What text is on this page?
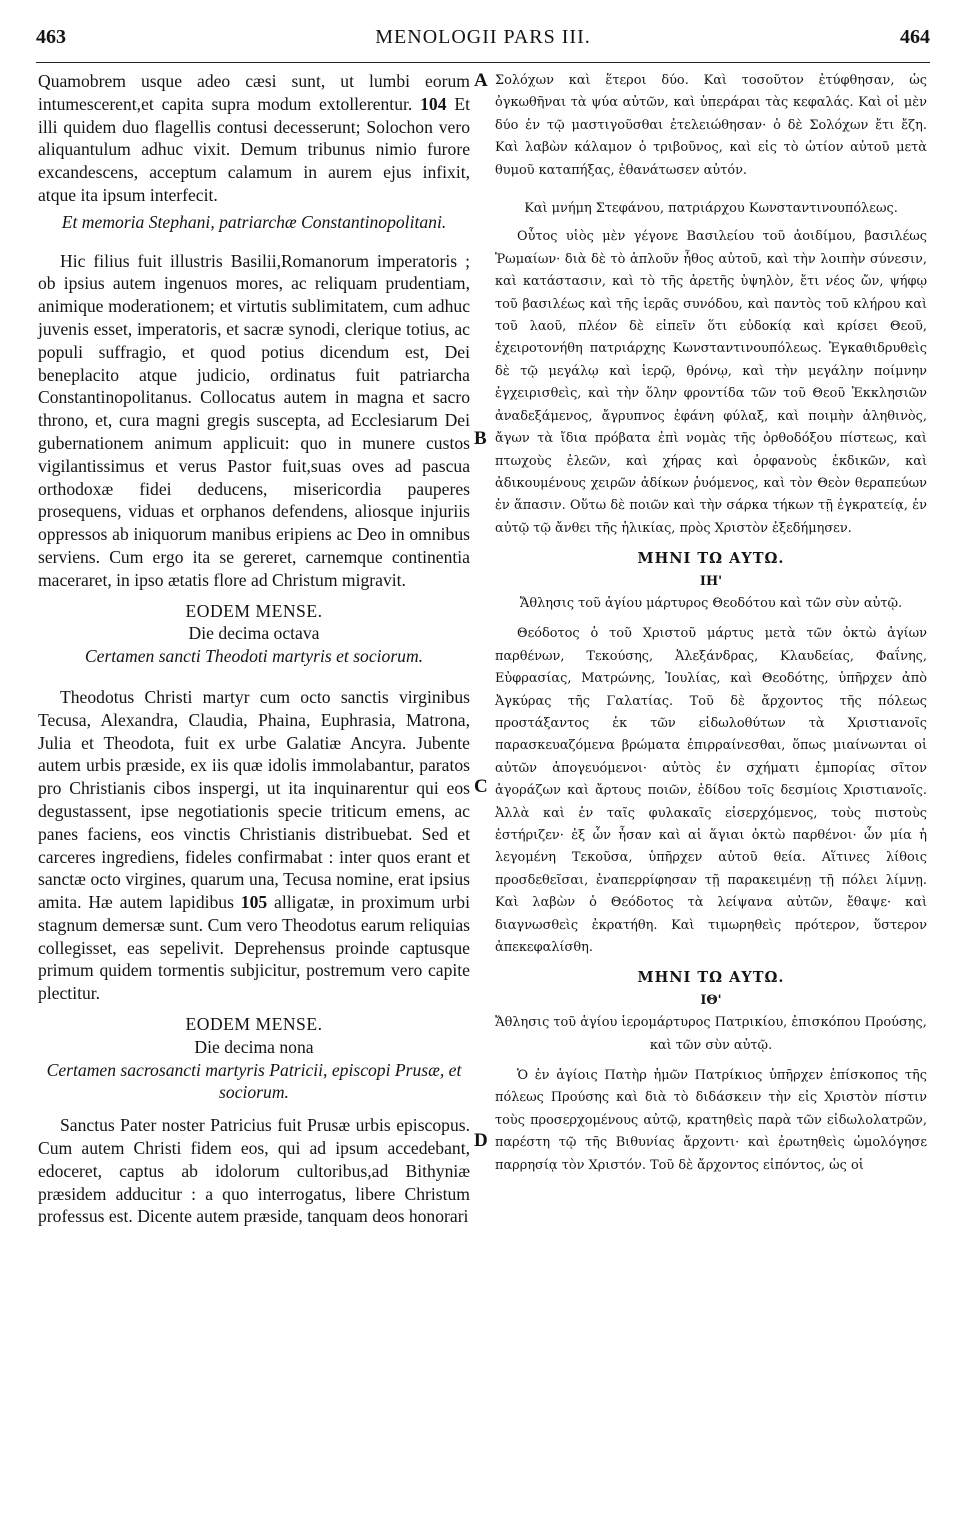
463	MENOLOGII PARS III.	464

Quamobrem usque adeo cæsi sunt, ut lumbi eorum intumescerent,et capita supra modum extollerentur. 104 Et illi quidem duo flagellis contusi decesserunt; Solochon vero aliquantulum adhuc vixit. Demum tribunus nimio furore excandescens, acceptum calamum in aurem ejus infixit, atque ita ipsum interfecit.

Et memoria Stephani, patriarchæ Constantinopolitani.

Hic filius fuit illustris Basilii,Romanorum imperatoris ; ob ipsius autem ingenuos mores, ac reliquam prudentiam, animique moderationem; et virtutis sublimitatem, cum adhuc juvenis esset, imperatoris, et sacræ synodi, clerique totius, ac populi suffragio, et quod potius dicendum est, Dei beneplacito atque judicio, ordinatus fuit patriarcha Constantinopolitanus. Collocatus autem in magna et sacro throno, et, cura magni gregis suscepta, ad Ecclesiarum Dei gubernationem animum applicuit: quo in munere custos vigilantissimus et verus Pastor fuit,suas oves ad pascua orthodoxæ fidei deducens, misericordia pauperes prosequens, viduas et orphanos defendens, aliosque injuriis oppressos ab iniquorum manibus eripiens ac Deo in omnibus serviens. Cum ergo ita se gereret, carnemque continentia maceraret, in ipso ætatis flore ad Christum migravit.

EODEM MENSE.

Die decima octava

Certamen sancti Theodoti martyris et sociorum.

Theodotus Christi martyr cum octo sanctis virginibus Tecusa, Alexandra, Claudia, Phaina, Euphrasia, Matrona, Julia et Theodota, fuit ex urbe Galatiæ Ancyra. Jubente autem urbis præside, ex iis quæ idolis immolabantur, paratos pro Christianis cibos inspergi, ut ita inquinarentur qui eos degustassent, ipse negotiationis specie triticum emens, ac panes faciens, eos vinctis Christianis distribuebat. Sed et carceres ingrediens, fideles confirmabat : inter quos erant et sanctæ octo virgines, quarum una, Tecusa nomine, erat ipsius amita. Hæ autem lapidibus 105 alligatæ, in proximum urbi stagnum demersæ sunt. Cum vero Theodotus earum reliquias collegisset, eas sepelivit. Deprehensus proinde captusque primum quidem tormentis subjicitur, postremum vero capite plectitur.

EODEM MENSE.

Die decima nona

Certamen sacrosancti martyris Patricii, episcopi Prusæ, et sociorum.

Sanctus Pater noster Patricius fuit Prusæ urbis episcopus. Cum autem Christi fidem eos, qui ad ipsum accedebant, edoceret, captus ab idolorum cultoribus,ad Bithyniæ præsidem adducitur : a quo interrogatus, libere Christum professus est. Dicente autem præside, tanquam deos honorari

A
B
C
D

Σολόχων καὶ ἕτεροι δύο. Καὶ τοσοῦτον ἐτύφθησαν, ὡς ὀγκωθῆναι τὰ ψύα αὐτῶν, καὶ ὑπεράραι τὰς κεφαλάς. Καὶ οἱ μὲν δύο ἐν τῷ μαστιγοῦσθαι ἐτελειώθησαν· ὁ δὲ Σολόχων ἔτι ἔζη. Καὶ λαβὼν κάλαμον ὁ τριβοῦνος, καὶ εἰς τὸ ὠτίον αὐτοῦ μετὰ θυμοῦ καταπήξας, ἐθανάτωσεν αὐτόν.

Καὶ μνήμη Στεφάνου, πατριάρχου Κωνσταντινουπόλεως.

Οὗτος υἱὸς μὲν γέγονε Βασιλείου τοῦ ἀοιδίμου, βασιλέως Ῥωμαίων· διὰ δὲ τὸ ἁπλοῦν ἦθος αὐτοῦ, καὶ τὴν λοιπὴν σύνεσιν, καὶ κατάστασιν, καὶ τὸ τῆς ἀρετῆς ὑψηλὸν, ἔτι νέος ὤν, ψήφῳ τοῦ βασιλέως καὶ τῆς ἱερᾶς συνόδου, καὶ παντὸς τοῦ κλήρου καὶ τοῦ λαοῦ, πλέον δὲ εἰπεῖν ὅτι εὐδοκίᾳ καὶ κρίσει Θεοῦ, ἐχειροτονήθη πατριάρχης Κωνσταντινουπόλεως. Ἐγκαθιδρυθεὶς δὲ τῷ μεγάλῳ καὶ ἱερῷ, θρόνῳ, καὶ τὴν μεγάλην ποίμνην ἐγχειρισθεὶς, καὶ τὴν ὅλην φροντίδα τῶν τοῦ Θεοῦ Ἐκκλησιῶν ἀναδεξάμενος, ἄγρυπνος ἐφάνη φύλαξ, καὶ ποιμὴν ἀληθινὸς, ἄγων τὰ ἴδια πρόβατα ἐπὶ νομὰς τῆς ὀρθοδόξου πίστεως, καὶ πτωχοὺς ἐλεῶν, καὶ χήρας καὶ ὀρφανοὺς ἐκδικῶν, καὶ ἀδικουμένους χειρῶν ἀδίκων ῥυόμενος, καὶ τὸν Θεὸν θεραπεύων ἐν ἅπασιν. Οὕτω δὲ ποιῶν καὶ τὴν σάρκα τήκων τῇ ἐγκρατείᾳ, ἐν αὐτῷ τῷ ἄνθει τῆς ἡλικίας, πρὸς Χριστὸν ἐξεδήμησεν.

ΜΗΝΙ ΤΩ ΑΥΤΩ.

ΙΗ'

Ἄθλησις τοῦ ἁγίου μάρτυρος Θεοδότου καὶ τῶν σὺν αὐτῷ.

Θεόδοτος ὁ τοῦ Χριστοῦ μάρτυς μετὰ τῶν ὀκτὼ ἁγίων παρθένων, Τεκούσης, Ἀλεξάνδρας, Κλαυδείας, Φαΐνης, Εὐφρασίας, Ματρώνης, Ἰουλίας, καὶ Θεοδότης, ὑπῆρχεν ἀπὸ Ἀγκύρας τῆς Γαλατίας. Τοῦ δὲ ἄρχοντος τῆς πόλεως προστάξαντος ἐκ τῶν εἰδωλοθύτων τὰ Χριστιανοῖς παρασκευαζόμενα βρώματα ἐπιρραίνεσθαι, ὅπως μιαίνωνται οἱ αὐτῶν ἀπογευόμενοι· αὐτὸς ἐν σχήματι ἐμπορίας σῖτον ἀγοράζων καὶ ἄρτους ποιῶν, ἐδίδου τοῖς δεσμίοις Χριστιανοῖς. Ἀλλὰ καὶ ἐν ταῖς φυλακαῖς εἰσερχόμενος, τοὺς πιστοὺς ἐστήριζεν· ἐξ ὧν ἦσαν καὶ αἱ ἅγιαι ὀκτὼ παρθένοι· ὧν μία ἡ λεγομένη Τεκοῦσα, ὑπῆρχεν αὐτοῦ θεία. Αἵτινες λίθοις προσδεθεῖσαι, ἐναπερρίφησαν τῇ παρακειμένῃ τῇ πόλει λίμνῃ. Καὶ λαβὼν ὁ Θεόδοτος τὰ λείψανα αὐτῶν, ἔθαψε· καὶ διαγνωσθεὶς ἐκρατήθη. Καὶ τιμωρηθεὶς πρότερον, ὕστερον ἀπεκεφαλίσθη.

ΜΗΝΙ ΤΩ ΑΥΤΩ.

ΙΘ'

Ἄθλησις τοῦ ἁγίου ἱερομάρτυρος Πατρικίου, ἐπισκόπου Προύσης, καὶ τῶν σὺν αὐτῷ.

Ὁ ἐν ἁγίοις Πατὴρ ἡμῶν Πατρίκιος ὑπῆρχεν ἐπίσκοπος τῆς πόλεως Προύσης καὶ διὰ τὸ διδάσκειν τὴν εἰς Χριστὸν πίστιν τοὺς προσερχομένους αὐτῷ, κρατηθεὶς παρὰ τῶν εἰδωλολατρῶν, παρέστη τῷ τῆς Βιθυνίας ἄρχοντι· καὶ ἐρωτηθεὶς ὡμολόγησε παρρησίᾳ τὸν Χριστόν. Τοῦ δὲ ἄρχοντος εἰπόντος, ὡς οἱ
